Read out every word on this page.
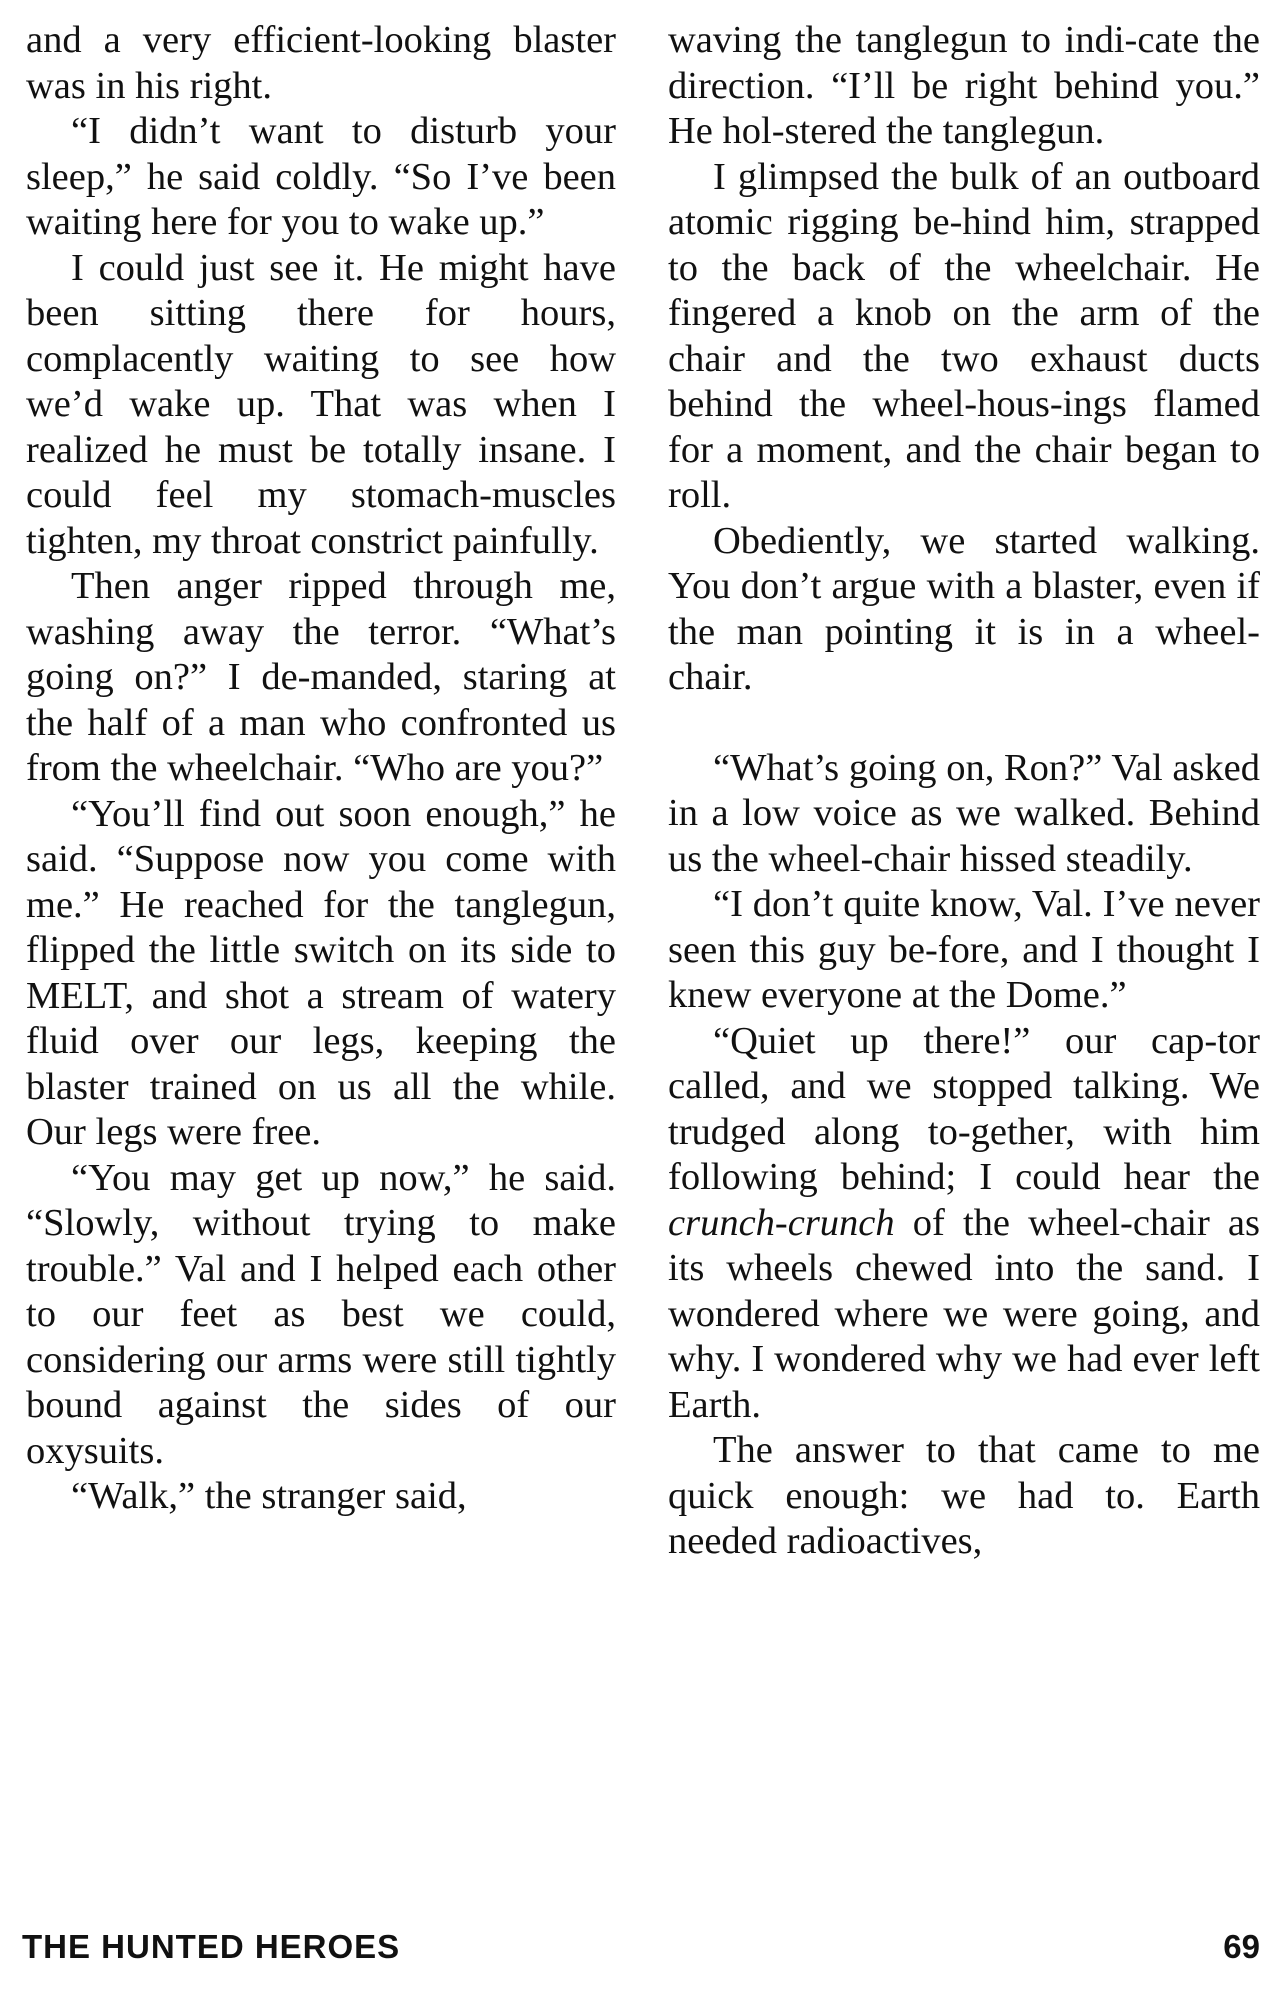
and a very efficient-looking blaster was in his right.

“I didn’t want to disturb your sleep,” he said coldly. “So I’ve been waiting here for you to wake up.”

I could just see it. He might have been sitting there for hours, complacently waiting to see how we’d wake up. That was when I realized he must be totally insane. I could feel my stomach-muscles tighten, my throat constrict painfully.

Then anger ripped through me, washing away the terror. “What’s going on?” I de-manded, staring at the half of a man who confronted us from the wheelchair. “Who are you?”

“You’ll find out soon enough,” he said. “Suppose now you come with me.” He reached for the tanglegun, flipped the little switch on its side to MELT, and shot a stream of watery fluid over our legs, keeping the blaster trained on us all the while. Our legs were free.

“You may get up now,” he said. “Slowly, without trying to make trouble.” Val and I helped each other to our feet as best we could, considering our arms were still tightly bound against the sides of our oxysuits.

“Walk,” the stranger said,

waving the tanglegun to indi-cate the direction. “I’ll be right behind you.” He hol-stered the tanglegun.

I glimpsed the bulk of an outboard atomic rigging be-hind him, strapped to the back of the wheelchair. He fingered a knob on the arm of the chair and the two exhaust ducts behind the wheel-hous-ings flamed for a moment, and the chair began to roll.

Obediently, we started walking. You don’t argue with a blaster, even if the man pointing it is in a wheel-chair.

“What’s going on, Ron?” Val asked in a low voice as we walked. Behind us the wheel-chair hissed steadily.

“I don’t quite know, Val. I’ve never seen this guy be-fore, and I thought I knew everyone at the Dome.”

“Quiet up there!” our cap-tor called, and we stopped talking. We trudged along to-gether, with him following behind; I could hear the crunch-crunch of the wheel-chair as its wheels chewed into the sand. I wondered where we were going, and why. I wondered why we had ever left Earth.

The answer to that came to me quick enough: we had to. Earth needed radioactives,

THE HUNTED HEROES	69
